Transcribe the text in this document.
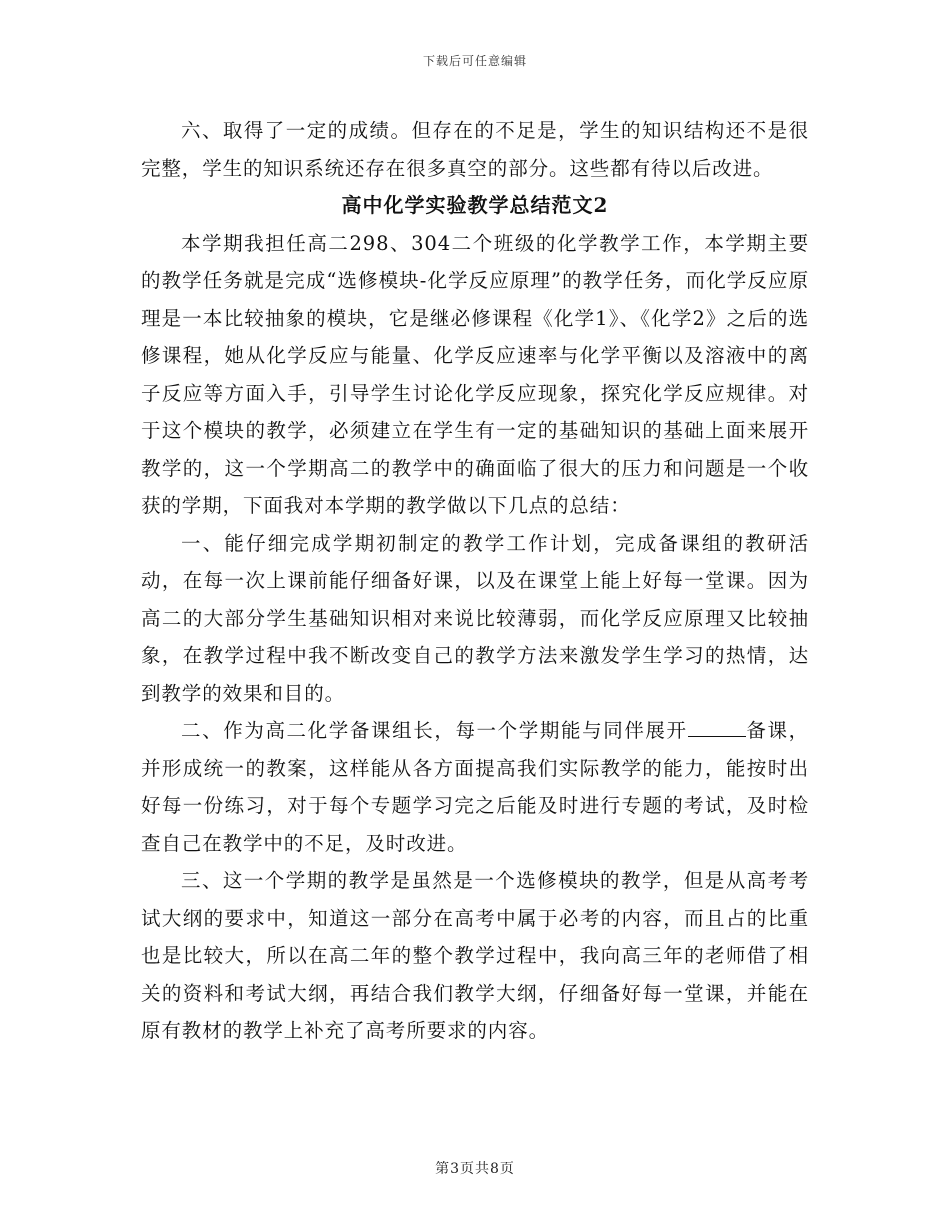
下载后可任意编辑

六、取得了一定的成绩。但存在的不足是，学生的知识结构还不是很完整，学生的知识系统还存在很多真空的部分。这些都有待以后改进。

高中化学实验教学总结范文2

本学期我担任高二298、304二个班级的化学教学工作，本学期主要的教学任务就是完成“选修模块-化学反应原理”的教学任务，而化学反应原理是一本比较抽象的模块，它是继必修课程《化学1》、《化学2》之后的选修课程，她从化学反应与能量、化学反应速率与化学平衡以及溶液中的离子反应等方面入手，引导学生讨论化学反应现象，探究化学反应规律。对于这个模块的教学，必须建立在学生有一定的基础知识的基础上面来展开教学的，这一个学期高二的教学中的确面临了很大的压力和问题是一个收获的学期，下面我对本学期的教学做以下几点的总结：

一、能仔细完成学期初制定的教学工作计划，完成备课组的教研活动，在每一次上课前能仔细备好课，以及在课堂上能上好每一堂课。因为高二的大部分学生基础知识相对来说比较薄弱，而化学反应原理又比较抽象，在教学过程中我不断改变自己的教学方法来激发学生学习的热情，达到教学的效果和目的。

二、作为高二化学备课组长，每一个学期能与同伴展开	备课，并形成统一的教案，这样能从各方面提高我们实际教学的能力，能按时出好每一份练习，对于每个专题学习完之后能及时进行专题的考试，及时检查自己在教学中的不足，及时改进。

三、这一个学期的教学是虽然是一个选修模块的教学，但是从高考考试大纲的要求中，知道这一部分在高考中属于必考的内容，而且占的比重也是比较大，所以在高二年的整个教学过程中，我向高三年的老师借了相关的资料和考试大纲，再结合我们教学大纲，仔细备好每一堂课，并能在原有教材的教学上补充了高考所要求的内容。

第3页共8页
